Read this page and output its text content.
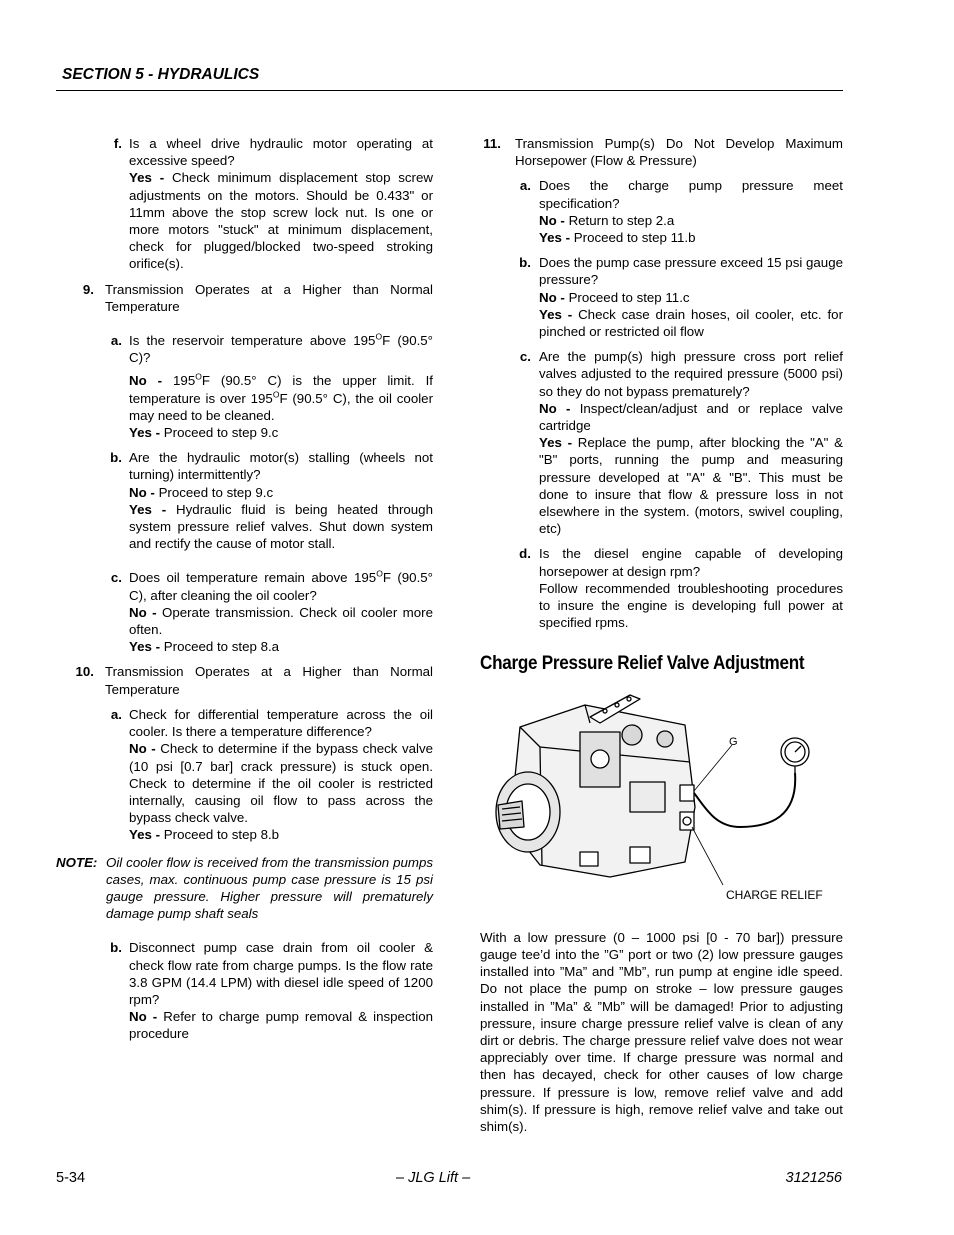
SECTION 5 - HYDRAULICS
f. Is a wheel drive hydraulic motor operating at excessive speed?
Yes - Check minimum displacement stop screw adjustments on the motors. Should be 0.433" or 11mm above the stop screw lock nut. Is one or more motors "stuck" at minimum displacement, check for plugged/blocked two-speed stroking orifice(s).
9. Transmission Operates at a Higher than Normal Temperature
a. Is the reservoir temperature above $195^OF$ (90.5° C)?
No - $195^OF$ (90.5° C) is the upper limit. If temperature is over $195^OF$ (90.5° C), the oil cooler may need to be cleaned.
Yes - Proceed to step 9.c
b. Are the hydraulic motor(s) stalling (wheels not turning) intermittently?
No - Proceed to step 9.c
Yes - Hydraulic fluid is being heated through system pressure relief valves. Shut down system and rectify the cause of motor stall.
c. Does oil temperature remain above $195^OF$ (90.5° C), after cleaning the oil cooler?
No - Operate transmission. Check oil cooler more often.
Yes - Proceed to step 8.a
10. Transmission Operates at a Higher than Normal Temperature
a. Check for differential temperature across the oil cooler. Is there a temperature difference?
No - Check to determine if the bypass check valve (10 psi [0.7 bar] crack pressure) is stuck open. Check to determine if the oil cooler is restricted internally, causing oil flow to pass across the bypass check valve.
Yes - Proceed to step 8.b
NOTE: Oil cooler flow is received from the transmission pumps cases, max. continuous pump case pressure is 15 psi gauge pressure. Higher pressure will prematurely damage pump shaft seals
b. Disconnect pump case drain from oil cooler & check flow rate from charge pumps. Is the flow rate 3.8 GPM (14.4 LPM) with diesel idle speed of 1200 rpm?
No - Refer to charge pump removal & inspection procedure
11. Transmission Pump(s) Do Not Develop Maximum Horsepower (Flow & Pressure)
a. Does the charge pump pressure meet specification?
No - Return to step 2.a
Yes - Proceed to step 11.b
b. Does the pump case pressure exceed 15 psi gauge pressure?
No - Proceed to step 11.c
Yes - Check case drain hoses, oil cooler, etc. for pinched or restricted oil flow
c. Are the pump(s) high pressure cross port relief valves adjusted to the required pressure (5000 psi) so they do not bypass prematurely?
No - Inspect/clean/adjust and or replace valve cartridge
Yes - Replace the pump, after blocking the "A" & "B" ports, running the pump and measuring pressure developed at "A" & "B". This must be done to insure that flow & pressure loss in not elsewhere in the system. (motors, swivel coupling, etc)
d. Is the diesel engine capable of developing horsepower at design rpm?
Follow recommended troubleshooting procedures to insure the engine is developing full power at specified rpms.
Charge Pressure Relief Valve Adjustment
G
CHARGE RELIEF
With a low pressure (0 – 1000 psi [0 - 70 bar]) pressure gauge tee’d into the ”G” port or two (2) low pressure gauges installed into ”Ma” and ”Mb”, run pump at engine idle speed. Do not place the pump on stroke – low pressure gauges installed in ”Ma” & ”Mb” will be damaged! Prior to adjusting pressure, insure charge pressure relief valve is clean of any dirt or debris. The charge pressure relief valve does not wear appreciably over time. If charge pressure was normal and then has decayed, check for other causes of low charge pressure. If pressure is low, remove relief valve and add shim(s). If pressure is high, remove relief valve and take out shim(s).
5-34	– JLG Lift –	3121256
